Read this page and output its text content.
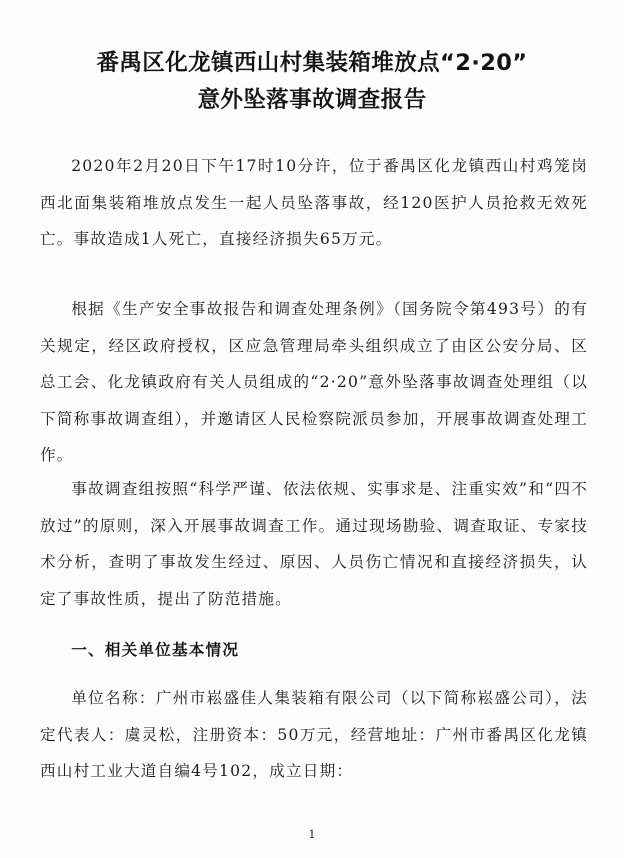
番禺区化龙镇西山村集装箱堆放点“2·20”
意外坠落事故调查报告

2020年2月20日下午17时10分许，位于番禺区化龙镇西山村鸡笼岗西北面集装箱堆放点发生一起人员坠落事故，经120医护人员抢救无效死亡。事故造成1人死亡，直接经济损失65万元。

根据《生产安全事故报告和调查处理条例》（国务院令第493号）的有关规定，经区政府授权，区应急管理局牵头组织成立了由区公安分局、区总工会、化龙镇政府有关人员组成的“2·20”意外坠落事故调查处理组（以下简称事故调查组），并邀请区人民检察院派员参加，开展事故调查处理工作。

事故调查组按照“科学严谨、依法依规、实事求是、注重实效”和“四不放过”的原则，深入开展事故调查工作。通过现场勘验、调查取证、专家技术分析，查明了事故发生经过、原因、人员伤亡情况和直接经济损失，认定了事故性质，提出了防范措施。

一、相关单位基本情况

单位名称：广州市崧盛佳人集装箱有限公司（以下简称崧盛公司），法定代表人：虞灵松，注册资本：50万元，经营地址：广州市番禺区化龙镇西山村工业大道自编4号102，成立日期：

1
